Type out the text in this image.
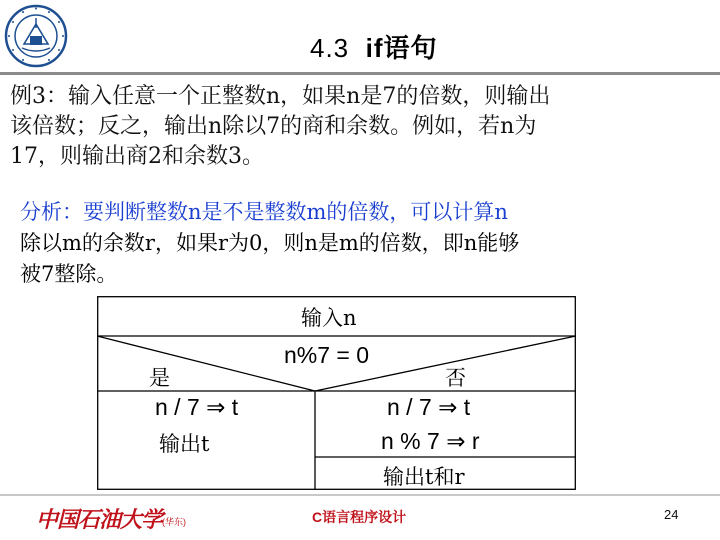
4.3 if语句
例3：输入任意一个正整数n，如果n是7的倍数，则输出
该倍数；反之，输出n除以7的商和余数。例如，若n为
17，则输出商2和余数3。
分析：要判断整数n是不是整数m的倍数，可以计算n
除以m的余数r，如果r为0，则n是m的倍数，即n能够
被7整除。
输入n
n%7 = 0
是	否
n / 7 ⇒ t
输出t
n / 7 ⇒ t
n % 7 ⇒ r
输出t和r
中国石油大学 (华东)	C语言程序设计	24
